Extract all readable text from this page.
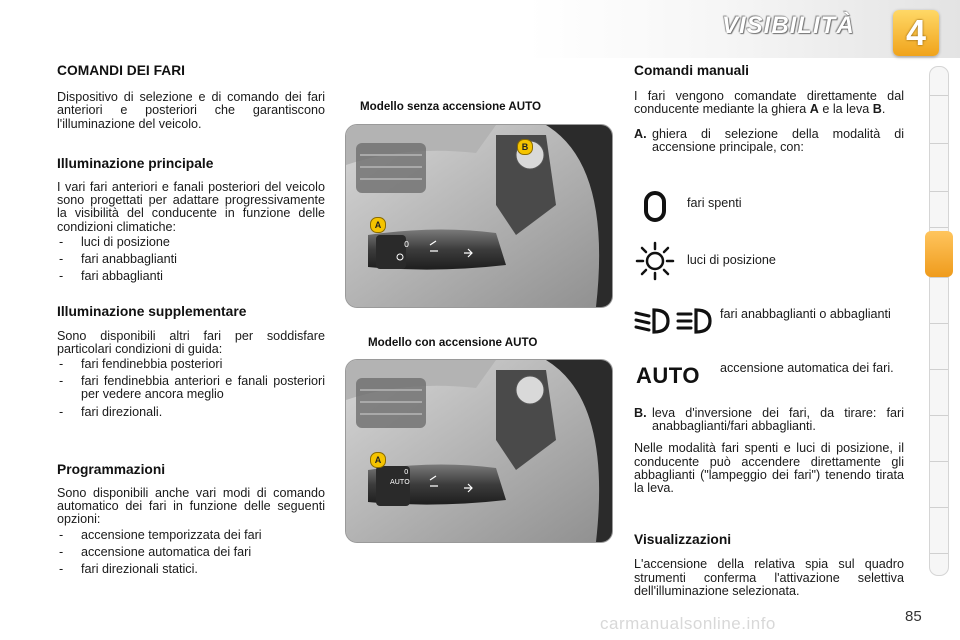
VISIBILITÀ	4
COMANDI DEI FARI

Dispositivo di selezione e di comando dei fari anteriori e posteriori che garantiscono l'illuminazione del veicolo.

Illuminazione principale

I vari fari anteriori e fanali posteriori del veicolo sono progettati per adattare progressivamente la visibilità del conducente in funzione delle condizioni climatiche:

- luci di posizione
- fari anabbaglianti
- fari abbaglianti
Illuminazione supplementare

Sono disponibili altri fari per soddisfare particolari condizioni di guida:

- fari fendinebbia posteriori
- fari fendinebbia anteriori e fanali posteriori per vedere ancora meglio
- fari direzionali.
Programmazioni

Sono disponibili anche vari modi di comando automatico dei fari in funzione delle seguenti opzioni:

- accensione temporizzata dei fari
- accensione automatica dei fari
- fari direzionali statici.
Modello senza accensione AUTO
0
A
B
Modello con accensione AUTO
0
AUTO
A
Comandi manuali

I fari vengono comandate direttamente dal conducente mediante la ghiera A e la leva B.

A. ghiera di selezione della modalità di accensione principale, con:
fari spenti
luci di posizione
fari anabbaglianti o abbaglianti
AUTO accensione automatica dei fari.
B. leva d'inversione dei fari, da tirare: fari anabbaglianti/fari abbaglianti.

Nelle modalità fari spenti e luci di posizione, il conducente può accendere direttamente gli abbaglianti ("lampeggio dei fari") tenendo tirata la leva.

Visualizzazioni

L'accensione della relativa spia sul quadro strumenti conferma l'attivazione selettiva dell'illuminazione selezionata.

carmanualsonline.info	85
